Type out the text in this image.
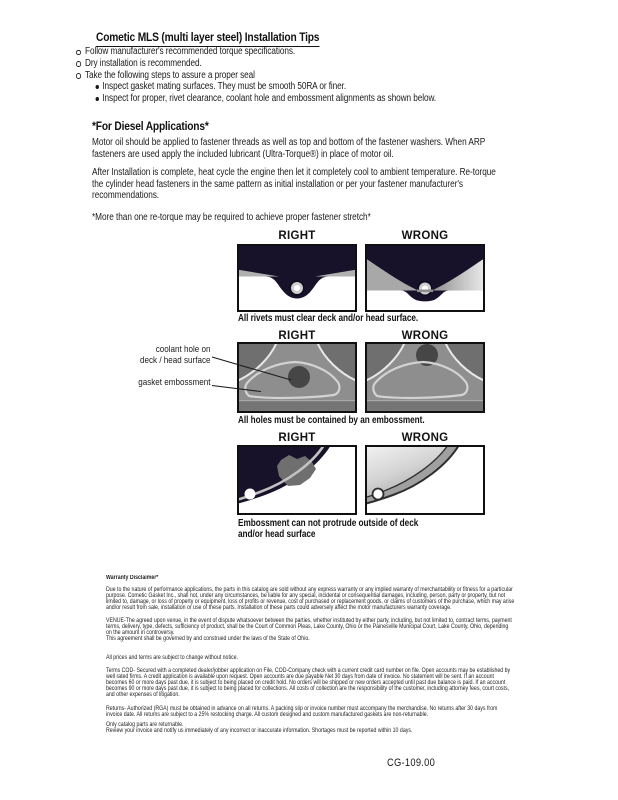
Cometic MLS (multi layer steel) Installation Tips
Follow manufacturer's recommended torque specifications.
Dry installation is recommended.
Take the following steps to assure a proper seal
Inspect gasket mating surfaces. They must be smooth 50RA or finer.
Inspect for proper, rivet clearance, coolant hole and embossment alignments as shown below.
*For Diesel Applications*

Motor oil should be applied to fastener threads as well as top and bottom of the fastener washers. When ARP fasteners are used apply the included lubricant (Ultra-Torque®) in place of motor oil.

After Installation is complete, heat cycle the engine then let it completely cool to ambient temperature. Re-torque the cylinder head fasteners in the same pattern as initial installation or per your fastener manufacturer's recommendations.

*More than one re-torque may be required to achieve proper fastener stretch*

RIGHT	WRONG
All rivets must clear deck and/or head surface.
RIGHT	WRONG
coolant hole on
deck / head surface
gasket embossment
All holes must be contained by an embossment.
RIGHT	WRONG
Embossment can not protrude outside of deck
and/or head surface
Warranty Disclaimer*

Due to the nature of performance applications, the parts in this catalog are sold without any express warranty or any implied warranty of merchantability or fitness for a particular purpose. Cometic Gasket Inc., shall not, under any circumstances, be liable for any special, incidental or consequential damages, including, person, party or property, but not limited to, damage, or loss of property or equipment, loss of profits or revenue, cost of purchased or replacement goods, or claims of customers of the purchase, which may arise and/or result from sale, installation or use of these parts. Installation of these parts could adversely affect the motor manufacturers warranty coverage.

VENUE-The agreed upon venue, in the event of dispute whatsoever between the parties, whether instituted by either party, including, but not limited to, contract terms, payment terms, delivery, type, defects, sufficiency of product, shall be the Court of Common Pleas, Lake County, Ohio or the Painesville Municipal Court, Lake County, Ohio, depending on the amount in controversy.
This agreement shall be governed by and construed under the laws of the State of Ohio.

All prices and terms are subject to change without notice.

Terms COD- Secured with a completed dealer/jobber application on File, COD-Company check with a current credit card number on file. Open accounts may be established by well rated firms. A credit application is available upon request. Open accounts are due payable Net 30 days from date of invoice. No statement will be sent. If an account becomes 60 or more days past due, it is subject to being placed on credit hold. No orders will be shipped or new orders accepted until past due balance is paid. If an account becomes 90 or more days past due, it is subject to being placed for collections. All costs of collection are the responsibility of the customer, including attorney fees, court costs, and other expenses of litigation.

Returns- Authorized (RGA) must be obtained in advance on all returns. A packing slip or invoice number must accompany the merchandise. No returns after 30 days from invoice date. All returns are subject to a 25% restocking charge. All custom designed and custom manufactured gaskets are non-returnable.

Only catalog parts are returnable.
Review your invoice and notify us immediately of any incorrect or inaccurate information. Shortages must be reported within 10 days.
CG-109.00
